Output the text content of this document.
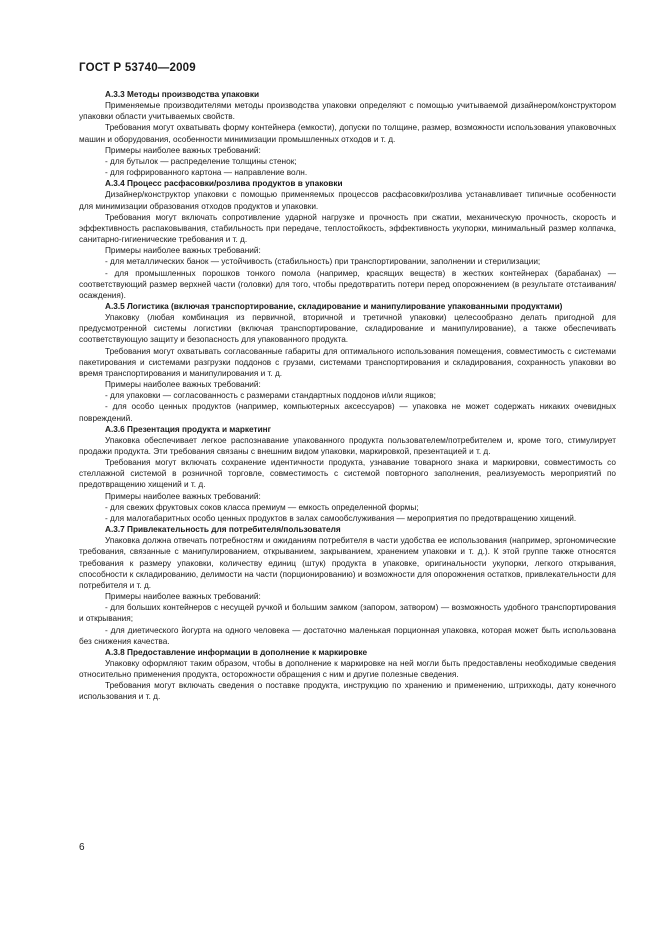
ГОСТ Р 53740—2009

А.3.3 Методы производства упаковки

Применяемые производителями методы производства упаковки определяют с помощью учитываемой дизайнером/конструктором упаковки области учитываемых свойств.

Требования могут охватывать форму контейнера (емкости), допуски по толщине, размер, возможности использования упаковочных машин и оборудования, особенности минимизации промышленных отходов и т. д.

Примеры наиболее важных требований:

- для бутылок — распределение толщины стенок;

- для гофрированного картона — направление волн.

А.3.4 Процесс расфасовки/розлива продуктов в упаковки

Дизайнер/конструктор упаковки с помощью применяемых процессов расфасовки/розлива устанавливает типичные особенности для минимизации образования отходов продуктов и упаковки.

Требования могут включать сопротивление ударной нагрузке и прочность при сжатии, механическую прочность, скорость и эффективность распаковывания, стабильность при передаче, теплостойкость, эффективность укупорки, минимальный размер колпачка, санитарно-гигиенические требования и т. д.

Примеры наиболее важных требований:

- для металлических банок — устойчивость (стабильность) при транспортировании, заполнении и стерилизации;

- для промышленных порошков тонкого помола (например, красящих веществ) в жестких контейнерах (барабанах) — соответствующий размер верхней части (головки) для того, чтобы предотвратить потери перед опорожнением (в результате отстаивания/осаждения).

А.3.5 Логистика (включая транспортирование, складирование и манипулирование упакованными продуктами)

Упаковку (любая комбинация из первичной, вторичной и третичной упаковки) целесообразно делать пригодной для предусмотренной системы логистики (включая транспортирование, складирование и манипулирование), а также обеспечивать соответствующую защиту и безопасность для упакованного продукта.

Требования могут охватывать согласованные габариты для оптимального использования помещения, совместимость с системами пакетирования и системами разгрузки поддонов с грузами, системами транспортирования и складирования, сохранность упаковки во время транспортирования и манипулирования и т. д.

Примеры наиболее важных требований:

- для упаковки — согласованность с размерами стандартных поддонов и/или ящиков;

- для особо ценных продуктов (например, компьютерных аксессуаров) — упаковка не может содержать никаких очевидных повреждений.

А.3.6 Презентация продукта и маркетинг

Упаковка обеспечивает легкое распознавание упакованного продукта пользователем/потребителем и, кроме того, стимулирует продажи продукта. Эти требования связаны с внешним видом упаковки, маркировкой, презентацией и т. д.

Требования могут включать сохранение идентичности продукта, узнавание товарного знака и маркировки, совместимость со стеллажной системой в розничной торговле, совместимость с системой повторного заполнения, реализуемость мероприятий по предотвращению хищений и т. д.

Примеры наиболее важных требований:

- для свежих фруктовых соков класса премиум — емкость определенной формы;

- для малогабаритных особо ценных продуктов в залах самообслуживания — мероприятия по предотвращению хищений.

А.3.7 Привлекательность для потребителя/пользователя

Упаковка должна отвечать потребностям и ожиданиям потребителя в части удобства ее использования (например, эргономические требования, связанные с манипулированием, открыванием, закрыванием, хранением упаковки и т. д.). К этой группе также относятся требования к размеру упаковки, количеству единиц (штук) продукта в упаковке, оригинальности укупорки, легкого открывания, способности к складированию, делимости на части (порционированию) и возможности для опорожнения остатков, привлекательности для потребителя и т. д.

Примеры наиболее важных требований:

- для больших контейнеров с несущей ручкой и большим замком (запором, затвором) — возможность удобного транспортирования и открывания;

- для диетического йогурта на одного человека — достаточно маленькая порционная упаковка, которая может быть использована без снижения качества.

А.3.8 Предоставление информации в дополнение к маркировке

Упаковку оформляют таким образом, чтобы в дополнение к маркировке на ней могли быть предоставлены необходимые сведения относительно применения продукта, осторожности обращения с ним и другие полезные сведения.

Требования могут включать сведения о поставке продукта, инструкцию по хранению и применению, штрихкоды, дату конечного использования и т. д.

6
